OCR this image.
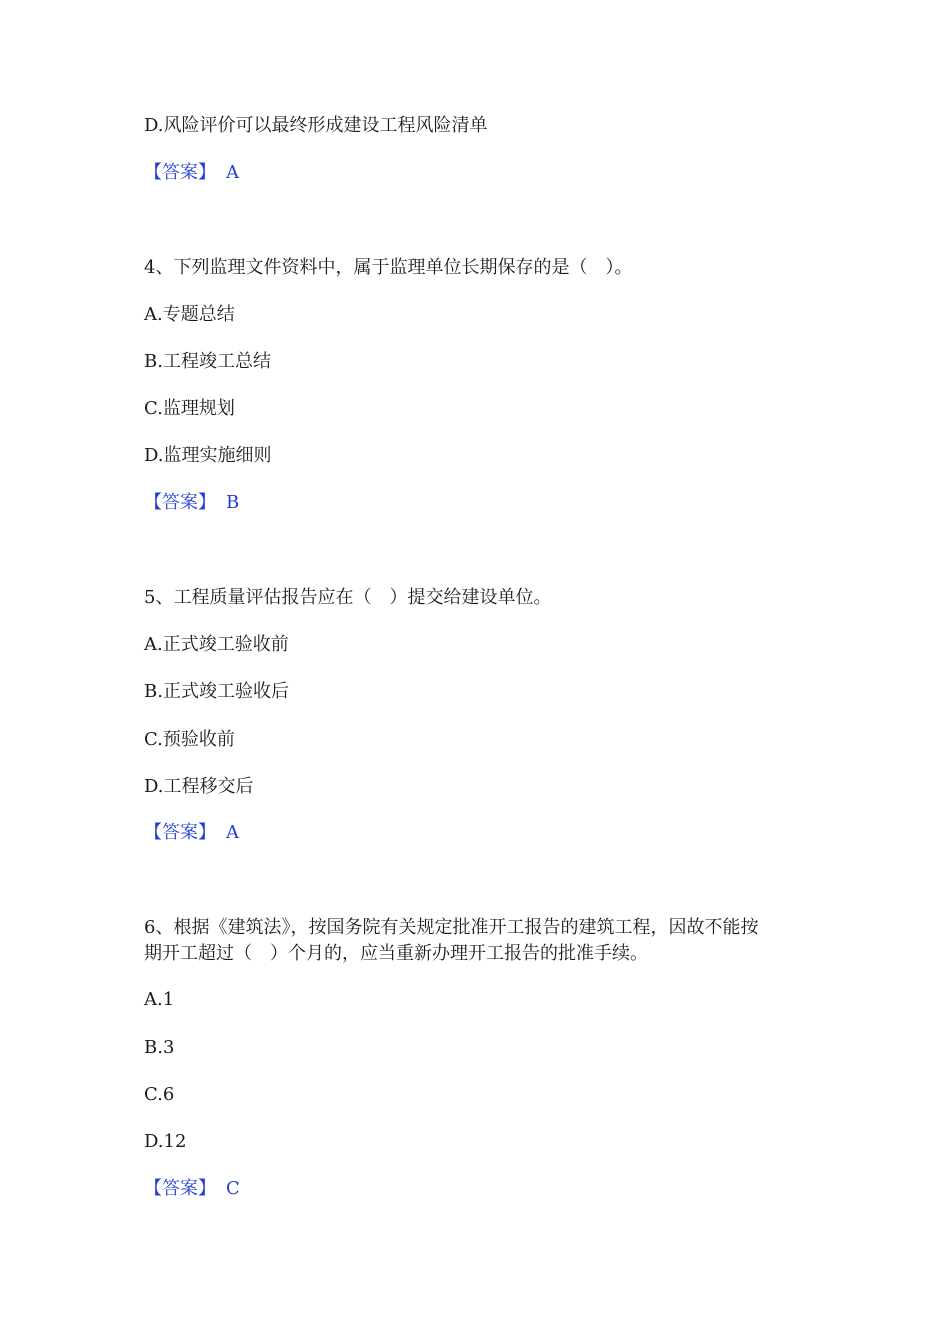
D.风险评价可以最终形成建设工程风险清单
【答案】 A
4、下列监理文件资料中，属于监理单位长期保存的是（　）。
A.专题总结
B.工程竣工总结
C.监理规划
D.监理实施细则
【答案】 B
5、工程质量评估报告应在（　）提交给建设单位。
A.正式竣工验收前
B.正式竣工验收后
C.预验收前
D.工程移交后
【答案】 A
6、根据《建筑法》，按国务院有关规定批准开工报告的建筑工程，因故不能按
期开工超过（　）个月的，应当重新办理开工报告的批准手续。
A.1
B.3
C.6
D.12
【答案】 C
